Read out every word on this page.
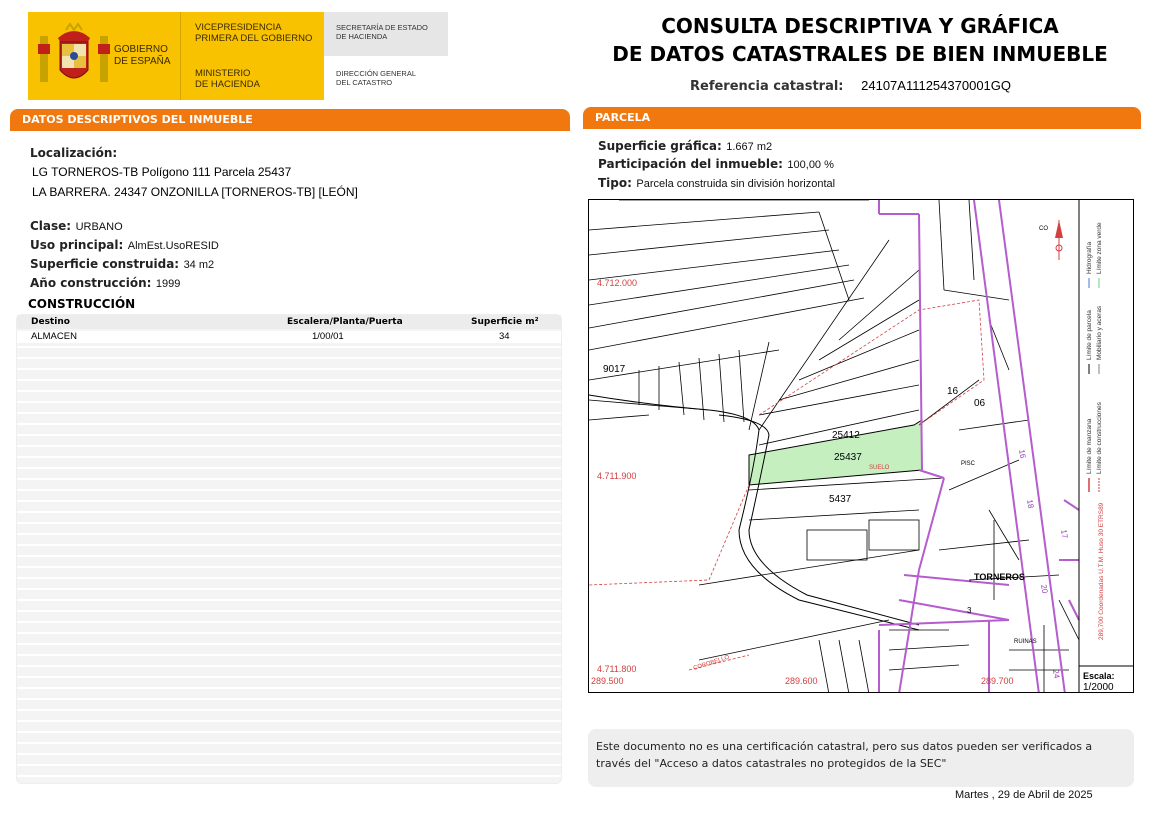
GOBIERNO
DE ESPAÑA
VICEPRESIDENCIA
PRIMERA DEL GOBIERNO
MINISTERIO
DE HACIENDA
SECRETARÍA DE ESTADO
DE HACIENDA
DIRECCIÓN GENERAL
DEL CATASTRO
CONSULTA DESCRIPTIVA Y GRÁFICA
DE DATOS CATASTRALES DE BIEN INMUEBLE
Referencia catastral: 24107A111254370001GQ
DATOS DESCRIPTIVOS DEL INMUEBLE
Localización:
LG TORNEROS-TB Polígono 111 Parcela 25437
LA BARRERA. 24347 ONZONILLA [TORNEROS-TB] [LEÓN]
Clase: URBANO
Uso principal: AlmEst.UsoRESID
Superficie construida: 34 m2
Año construcción: 1999
CONSTRUCCIÓN
Destino	Escalera/Planta/Puerta	Superficie m²
ALMACEN	1/00/01	34
PARCELA
Superficie gráfica: 1.667 m2
Participación del inmueble: 100,00 %
Tipo: Parcela construida sin división horizontal
4.712.000
4.711.900
4.711.800
289.500	289.600	289.700
SUELO
COROBELLO
9017
25412
25437
5437
16
06
3 TORNEROS
PISC
RUINAS
CO
3
16
18
17
20
24
Límite de manzana Límite de construcciones
Límite de parcela Mobiliario y aceras
Hidrografía Límite zona verde
289,700 Coordenadas U.T.M. Huso 30 ETRS89
Escala:
1/2000
Este documento no es una certificación catastral, pero sus datos pueden ser verificados a través del "Acceso a datos catastrales no protegidos de la SEC"
Martes , 29 de Abril de 2025
